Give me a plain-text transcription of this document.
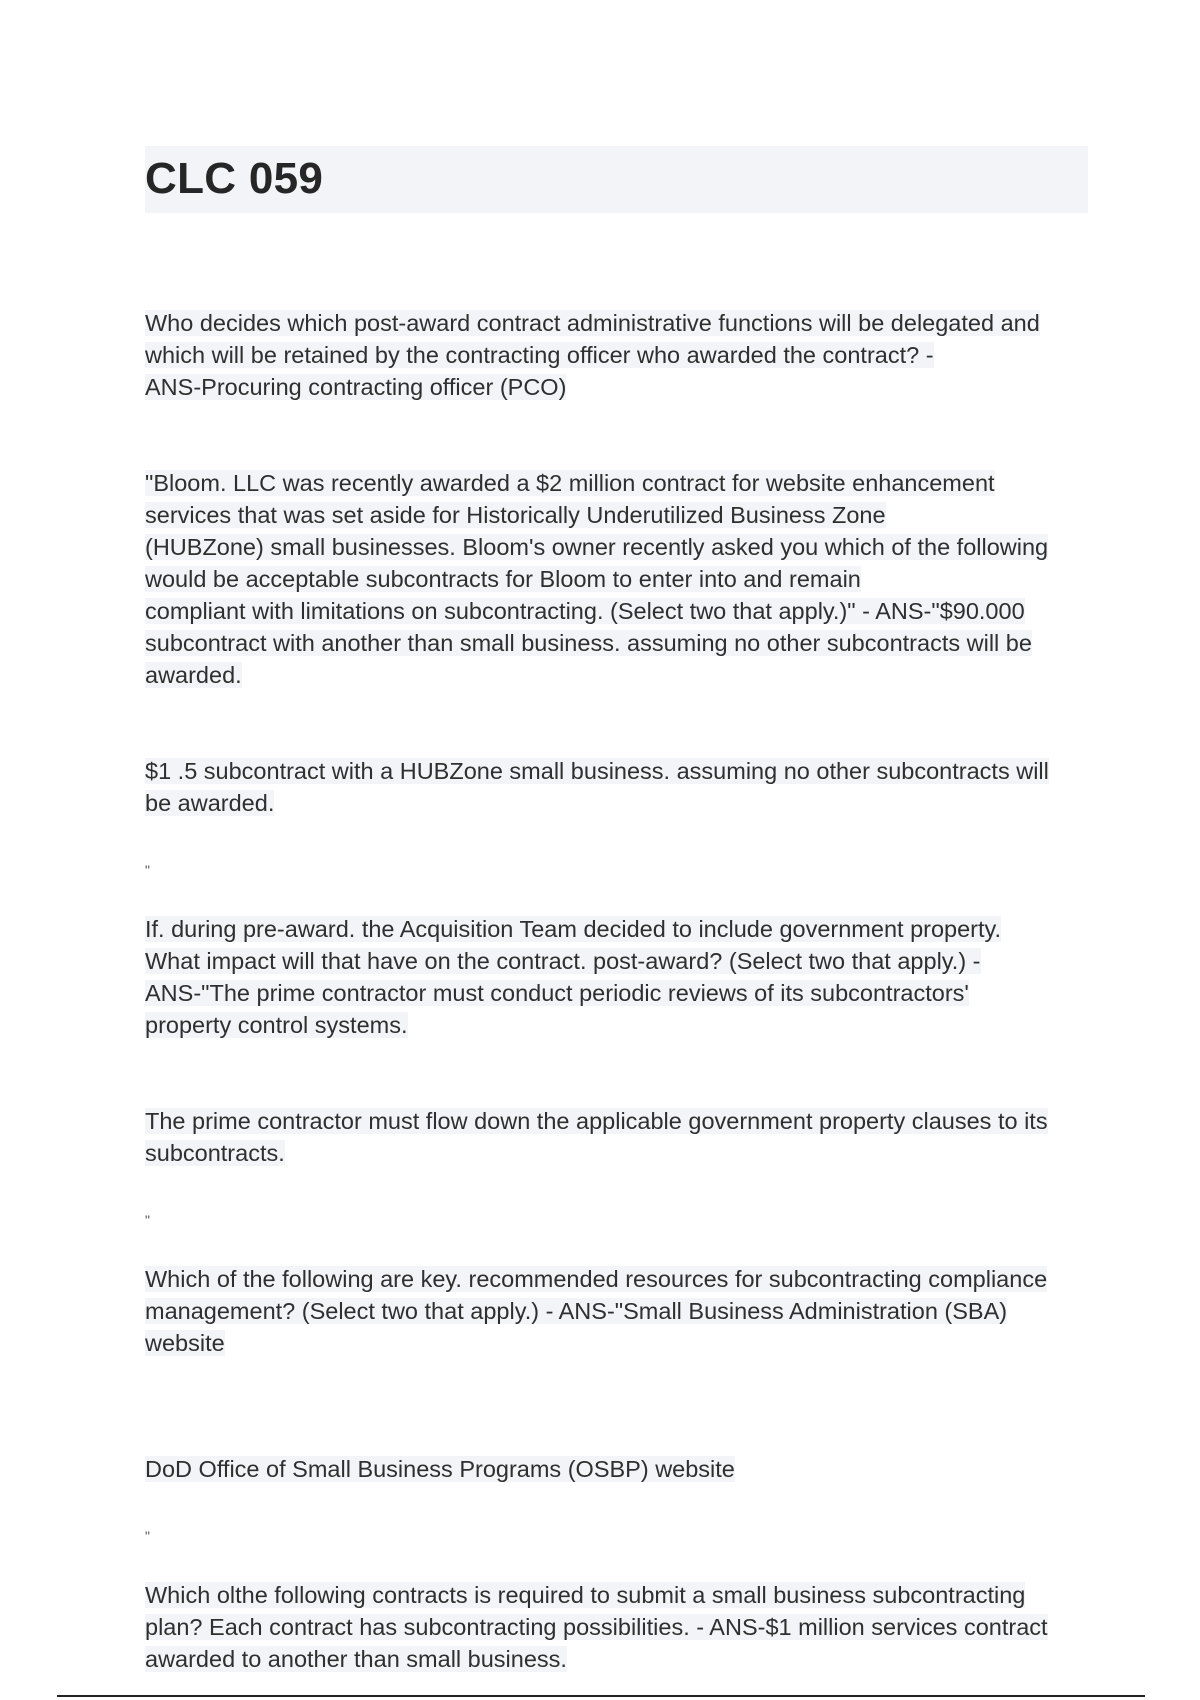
CLC 059

Who decides which post-award contract administrative functions will be delegated and
which will be retained by the contracting officer who awarded the contract? -
ANS-Procuring contracting officer (PCO)

"Bloom. LLC was recently awarded a $2 million contract for website enhancement
services that was set aside for Historically Underutilized Business Zone
(HUBZone) small businesses. Bloom's owner recently asked you which of the following
would be acceptable subcontracts for Bloom to enter into and remain
compliant with limitations on subcontracting. (Select two that apply.)" - ANS-"$90.000
subcontract with another than small business. assuming no other subcontracts will be
awarded.

$1 .5 subcontract with a HUBZone small business. assuming no other subcontracts will
be awarded.

"

If. during pre-award. the Acquisition Team decided to include government property.
What impact will that have on the contract. post-award? (Select two that apply.) -
ANS-"The prime contractor must conduct periodic reviews of its subcontractors'
property control systems.

The prime contractor must flow down the applicable government property clauses to its
subcontracts.

"

Which of the following are key. recommended resources for subcontracting compliance
management? (Select two that apply.) - ANS-"Small Business Administration (SBA)
website

DoD Office of Small Business Programs (OSBP) website

"

Which olthe following contracts is required to submit a small business subcontracting
plan? Each contract has subcontracting possibilities. - ANS-$1 million services contract
awarded to another than small business.
